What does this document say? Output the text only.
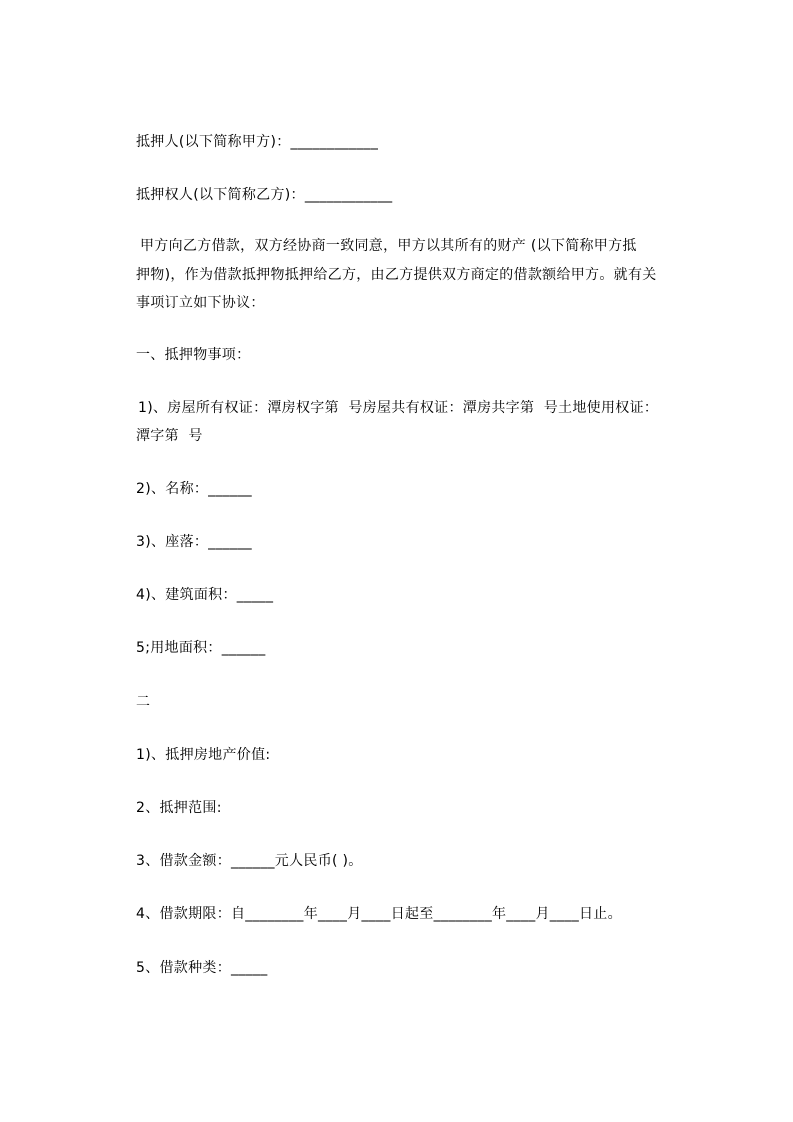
抵押人(以下简称甲方)：____________
抵押权人(以下简称乙方)：____________
甲方向乙方借款，双方经协商一致同意，甲方以其所有的财产 (以下简称甲方抵
押物)，作为借款抵押物抵押给乙方，由乙方提供双方商定的借款额给甲方。就有关
事项订立如下协议：
一、抵押物事项：
1)、房屋所有权证：潭房权字第  号房屋共有权证：潭房共字第  号土地使用权证：
潭字第  号
2)、名称：______
3)、座落：______
4)、建筑面积：_____
5;用地面积：______
二
1)、抵押房地产价值:
2、抵押范围:
3、借款金额：______元人民币( )。
4、借款期限：自________年____月____日起至________年____月____日止。
5、借款种类：_____
